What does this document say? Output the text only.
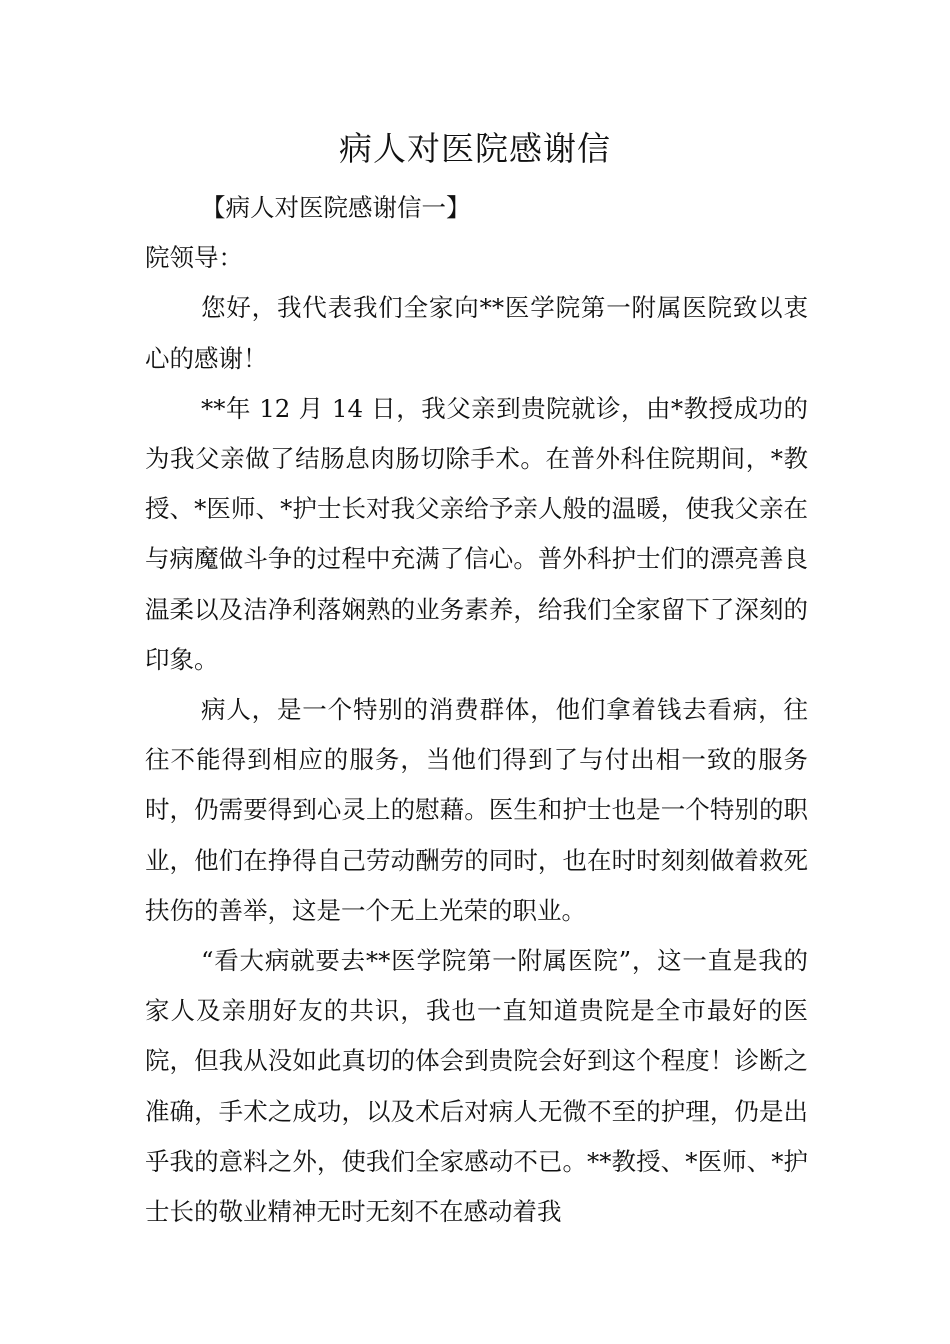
病人对医院感谢信

【病人对医院感谢信一】

院领导：

您好，我代表我们全家向**医学院第一附属医院致以衷心的感谢！

**年 12 月 14 日，我父亲到贵院就诊，由*教授成功的为我父亲做了结肠息肉肠切除手术。在普外科住院期间，*教授、*医师、*护士长对我父亲给予亲人般的温暖，使我父亲在与病魔做斗争的过程中充满了信心。普外科护士们的漂亮善良温柔以及洁净利落娴熟的业务素养，给我们全家留下了深刻的印象。

病人，是一个特别的消费群体，他们拿着钱去看病，往往不能得到相应的服务，当他们得到了与付出相一致的服务时，仍需要得到心灵上的慰藉。医生和护士也是一个特别的职业，他们在挣得自己劳动酬劳的同时，也在时时刻刻做着救死扶伤的善举，这是一个无上光荣的职业。

“看大病就要去**医学院第一附属医院”，这一直是我的家人及亲朋好友的共识，我也一直知道贵院是全市最好的医院，但我从没如此真切的体会到贵院会好到这个程度！诊断之准确，手术之成功，以及术后对病人无微不至的护理，仍是出乎我的意料之外，使我们全家感动不已。**教授、*医师、*护士长的敬业精神无时无刻不在感动着我
